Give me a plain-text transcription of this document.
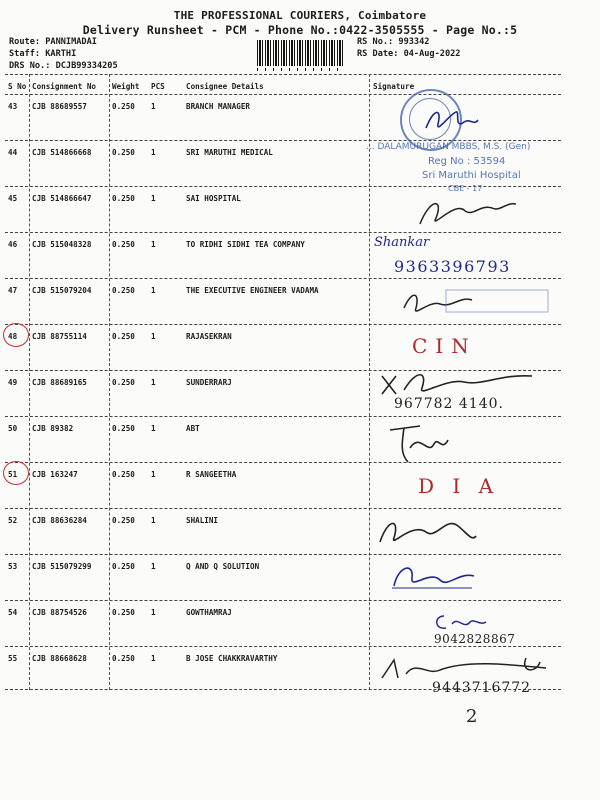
THE PROFESSIONAL COURIERS, Coimbatore
Delivery Runsheet - PCM - Phone No.:0422-3505555 - Page No.:5
Route: PANNIMADAI
Staff: KARTHI
DRS No.: DCJB99334205
RS No.: 993342
RS Date: 04-Aug-2022
S No Consignment No Weight PCS	Consignee Details	Signature
43 CJB 88689557	0.250 1	BRANCH MANAGER
44 CJB 514866668	0.250 1	SRI MARUTHI MEDICAL
45 CJB 514866647	0.250 1	SAI HOSPITAL
46 CJB 515048328	0.250 1	TO RIDHI SIDHI TEA COMPANY
47 CJB 515079204	0.250 1	THE EXECUTIVE ENGINEER VADAMA
48 CJB 88755114	0.250 1	RAJASEKRAN
49 CJB 88689165	0.250 1	SUNDERRARJ
50 CJB 89382	0.250 1	ABT
51 CJB 163247	0.250 1	R SANGEETHA
52 CJB 88636284	0.250 1	SHALINI
53 CJB 515079299	0.250 1	Q AND Q SOLUTION
54 CJB 88754526	0.250 1	GOWTHAMRAJ
55 CJB 88668628	0.250 1	B JOSE CHAKKRAVARTHY
... DALAMURUGAN MBBS, M.S. (Gen)
Reg No : 53594
Sri Maruthi Hospital
CBE - 17
Shankar
9363396793
CIN
967782 4140.
D I A
9042828867
9443716772
2
